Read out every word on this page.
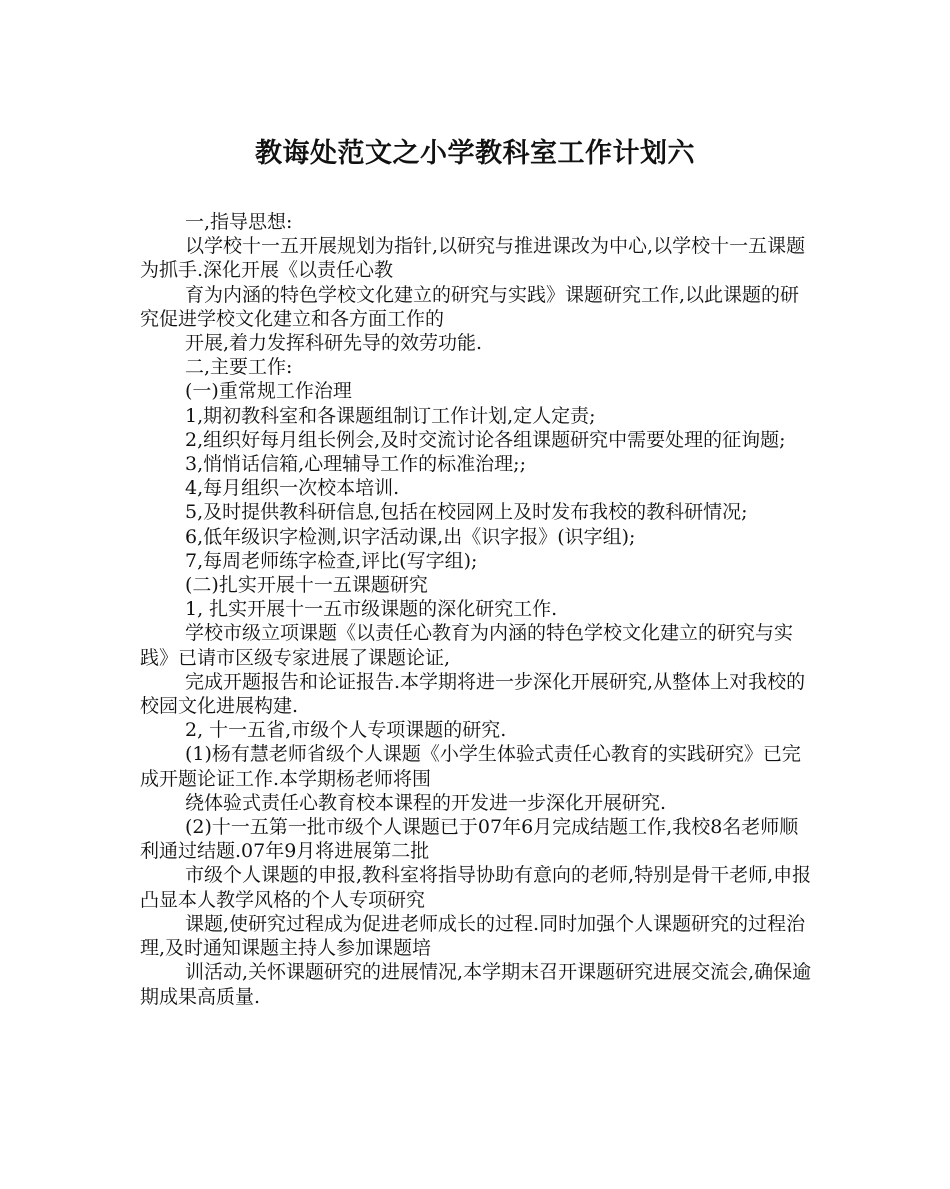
教诲处范文之小学教科室工作计划六

一,指导思想:

以学校十一五开展规划为指针,以研究与推进课改为中心,以学校十一五课题为抓手.深化开展《以责任心教

育为内涵的特色学校文化建立的研究与实践》课题研究工作,以此课题的研究促进学校文化建立和各方面工作的

开展,着力发挥科研先导的效劳功能.

二,主要工作:

(一)重常规工作治理

1,期初教科室和各课题组制订工作计划,定人定责;

2,组织好每月组长例会,及时交流讨论各组课题研究中需要处理的征询题;

3,悄悄话信箱,心理辅导工作的标准治理;;

4,每月组织一次校本培训.

5,及时提供教科研信息,包括在校园网上及时发布我校的教科研情况;

6,低年级识字检测,识字活动课,出《识字报》(识字组);

7,每周老师练字检查,评比(写字组);

(二)扎实开展十一五课题研究

1, 扎实开展十一五市级课题的深化研究工作.

学校市级立项课题《以责任心教育为内涵的特色学校文化建立的研究与实践》已请市区级专家进展了课题论证,

完成开题报告和论证报告.本学期将进一步深化开展研究,从整体上对我校的校园文化进展构建.

2, 十一五省,市级个人专项课题的研究.

(1)杨有慧老师省级个人课题《小学生体验式责任心教育的实践研究》已完成开题论证工作.本学期杨老师将围

绕体验式责任心教育校本课程的开发进一步深化开展研究.

(2)十一五第一批市级个人课题已于07年6月完成结题工作,我校8名老师顺利通过结题.07年9月将进展第二批

市级个人课题的申报,教科室将指导协助有意向的老师,特别是骨干老师,申报凸显本人教学风格的个人专项研究

课题,使研究过程成为促进老师成长的过程.同时加强个人课题研究的过程治理,及时通知课题主持人参加课题培

训活动,关怀课题研究的进展情况,本学期末召开课题研究进展交流会,确保逾期成果高质量.
